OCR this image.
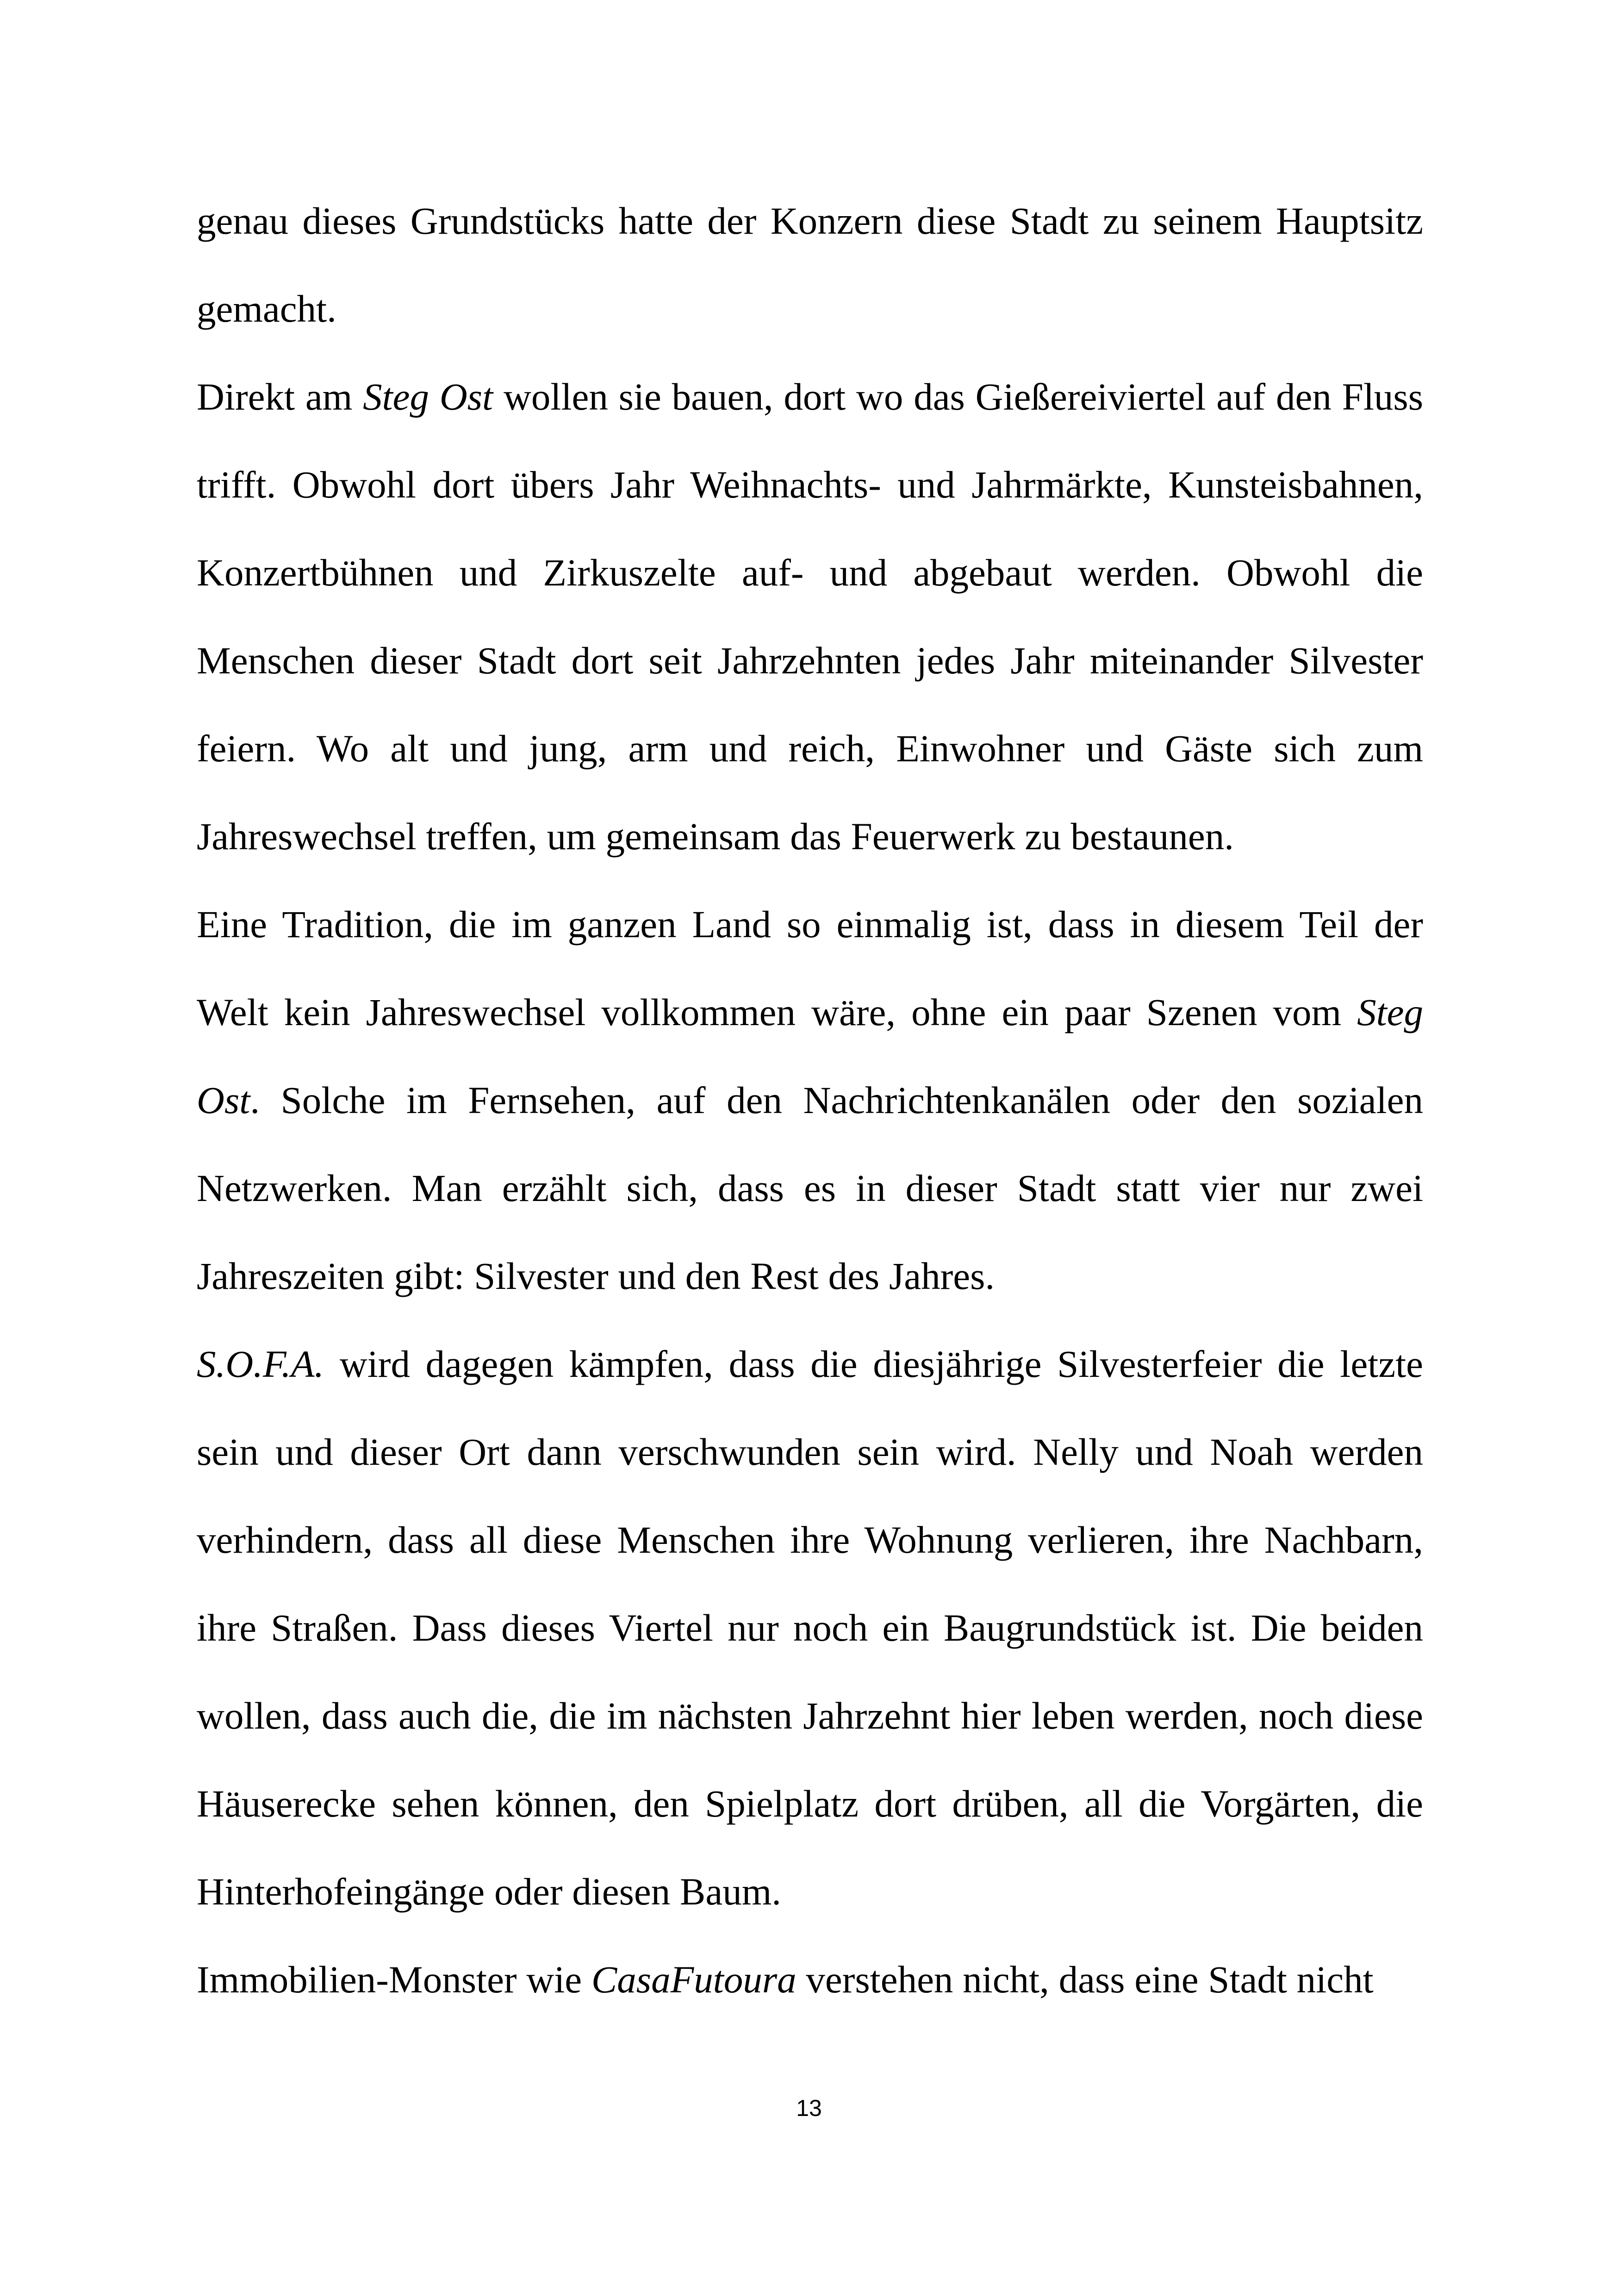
genau dieses Grundstücks hatte der Konzern diese Stadt zu seinem Hauptsitz gemacht.

Direkt am Steg Ost wollen sie bauen, dort wo das Gießereiviertel auf den Fluss trifft. Obwohl dort übers Jahr Weihnachts- und Jahrmärkte, Kunsteisbahnen, Konzertbühnen und Zirkuszelte auf- und abgebaut werden. Obwohl die Menschen dieser Stadt dort seit Jahrzehnten jedes Jahr miteinander Silvester feiern. Wo alt und jung, arm und reich, Einwohner und Gäste sich zum Jahreswechsel treffen, um gemeinsam das Feuerwerk zu bestaunen.

Eine Tradition, die im ganzen Land so einmalig ist, dass in diesem Teil der Welt kein Jahreswechsel vollkommen wäre, ohne ein paar Szenen vom Steg Ost. Solche im Fernsehen, auf den Nachrichtenkanälen oder den sozialen Netzwerken. Man erzählt sich, dass es in dieser Stadt statt vier nur zwei Jahreszeiten gibt: Silvester und den Rest des Jahres.

S.O.F.A. wird dagegen kämpfen, dass die diesjährige Silvesterfeier die letzte sein und dieser Ort dann verschwunden sein wird. Nelly und Noah werden verhindern, dass all diese Menschen ihre Wohnung verlieren, ihre Nachbarn, ihre Straßen. Dass dieses Viertel nur noch ein Baugrundstück ist. Die beiden wollen, dass auch die, die im nächsten Jahrzehnt hier leben werden, noch diese Häuserecke sehen können, den Spielplatz dort drüben, all die Vorgärten, die Hinterhofeingänge oder diesen Baum.

Immobilien-Monster wie CasaFutoura verstehen nicht, dass eine Stadt nicht

13
